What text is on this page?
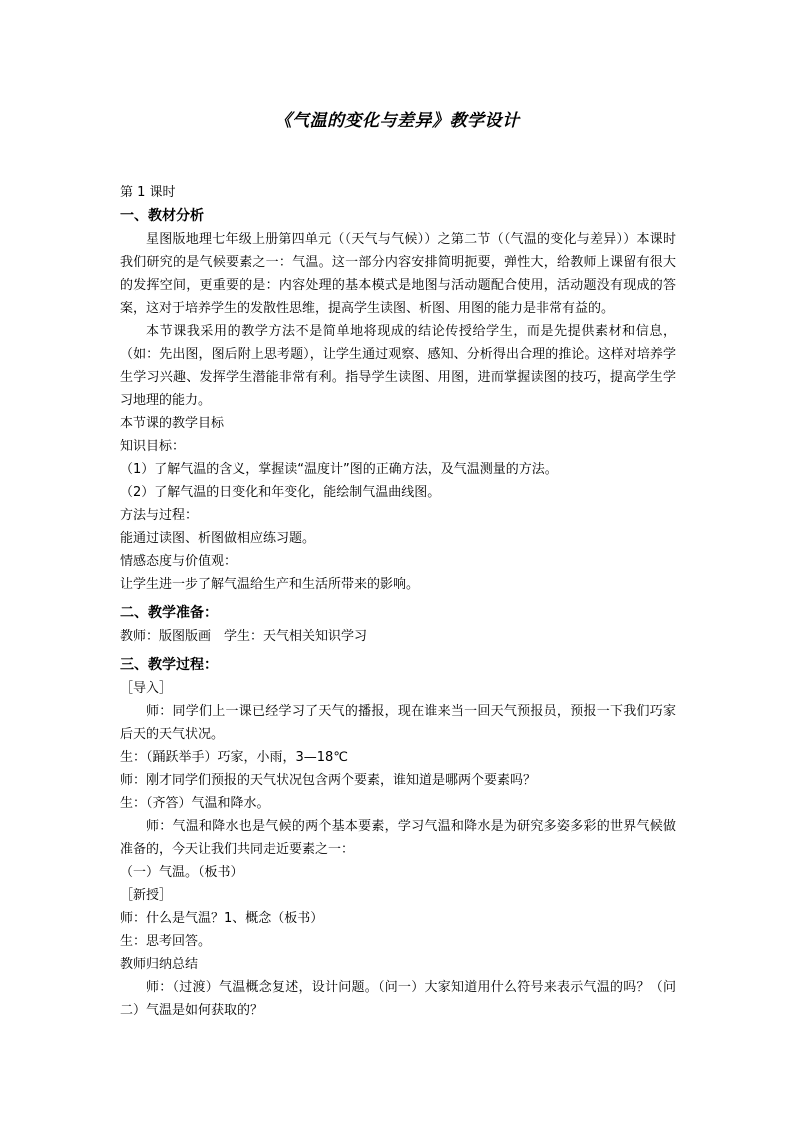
《气温的变化与差异》教学设计
第 1 课时

一、教材分析

星图版地理七年级上册第四单元（（天气与气候））之第二节（（气温的变化与差异））本课时我们研究的是气候要素之一：气温。这一部分内容安排简明扼要，弹性大，给教师上课留有很大的发挥空间，更重要的是：内容处理的基本模式是地图与活动题配合使用，活动题没有现成的答案，这对于培养学生的发散性思维，提高学生读图、析图、用图的能力是非常有益的。

本节课我采用的教学方法不是简单地将现成的结论传授给学生，而是先提供素材和信息，（如：先出图，图后附上思考题），让学生通过观察、感知、分析得出合理的推论。这样对培养学生学习兴趣、发挥学生潜能非常有利。指导学生读图、用图，进而掌握读图的技巧，提高学生学习地理的能力。

本节课的教学目标

知识目标：

（1）了解气温的含义，掌握读“温度计”图的正确方法，及气温测量的方法。

（2）了解气温的日变化和年变化，能绘制气温曲线图。

方法与过程：

能通过读图、析图做相应练习题。

情感态度与价值观：

让学生进一步了解气温给生产和生活所带来的影响。

二、教学准备：

教师：版图版画　学生：天气相关知识学习

三、教学过程：

［导入］

师：同学们上一课已经学习了天气的播报，现在谁来当一回天气预报员，预报一下我们巧家后天的天气状况。

生：（踊跃举手）巧家，小雨，3—18℃

师：刚才同学们预报的天气状况包含两个要素，谁知道是哪两个要素吗？

生：（齐答）气温和降水。

师：气温和降水也是气候的两个基本要素，学习气温和降水是为研究多姿多彩的世界气候做准备的，今天让我们共同走近要素之一：

（一）气温。（板书）

［新授］

师：什么是气温？1、概念（板书）

生：思考回答。

教师归纳总结

师：（过渡）气温概念复述，设计问题。（问一）大家知道用什么符号来表示气温的吗？（问二）气温是如何获取的？
